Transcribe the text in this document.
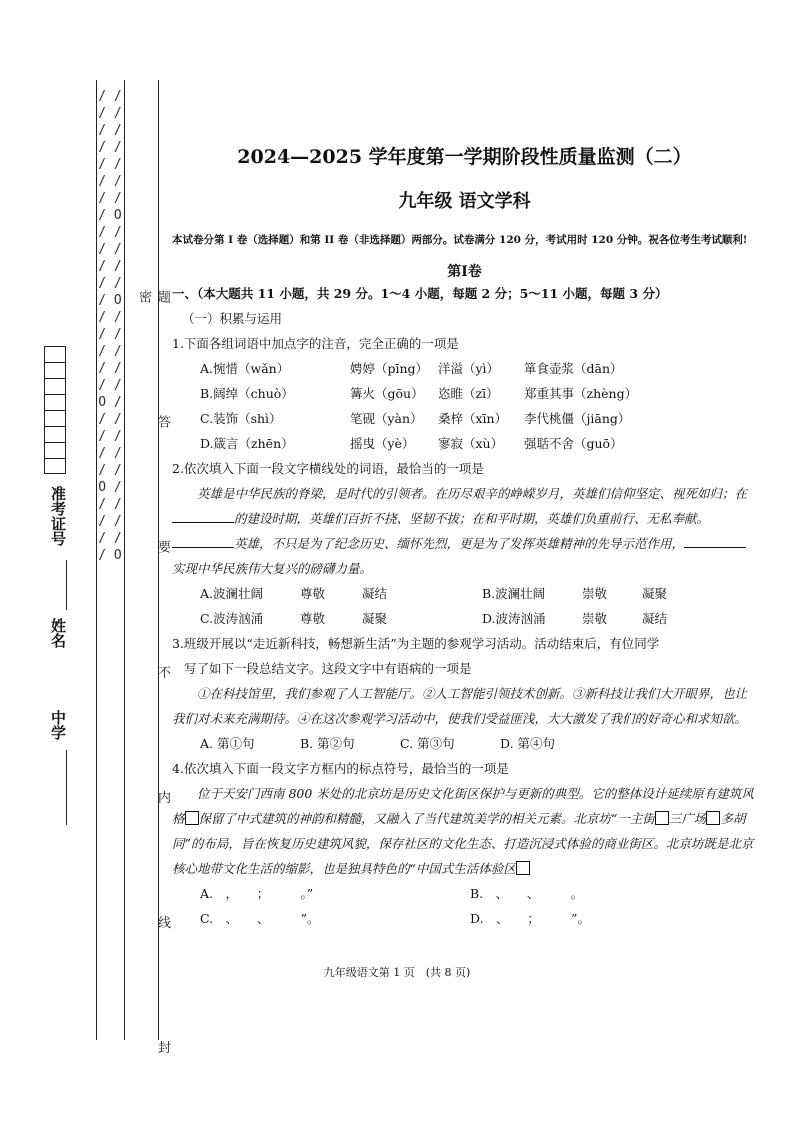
/ / / / / / / / / / / / / / / O / / / / / / / / / O / / / / / / / / / / O / / / / / / / / / O / / / / / / / / O	题 答 要 不 内 线 封 密
准考证号
姓名
中学
2024—2025 学年度第一学期阶段性质量监测（二）
九年级 语文学科
本试卷分第 I 卷（选择题）和第 II 卷（非选择题）两部分。试卷满分 120 分，考试用时 120 分钟。祝各位考生考试顺利!
第Ⅰ卷
一、（本大题共 11 小题，共 29 分。1～4 小题，每题 2 分；5～11 小题，每题 3 分）
（一）积累与运用
1.下面各组词语中加点字的注音，完全正确的一项是
A.惋惜（wǎn）	娉婷（pīng） 洋溢（yì）	箪食壶浆（dān）
B.阔绰（chuò）	篝火（gōu）	恣睢（zī）	郑重其事（zhèng）
C.装饰（shì）	笔砚（yàn）	桑梓（xīn）	李代桃僵（jiāng）
D.箴言（zhēn）	摇曳（yè）	寥寂（xù）	强聒不舍（guō）
2.依次填入下面一段文字横线处的词语，最恰当的一项是
英雄是中华民族的脊梁，是时代的引领者。在历尽艰辛的峥嵘岁月，英雄们信仰坚定、视死如归；在的建设时期，英雄们百折不挠、坚韧不拔；在和平时期，英雄们负重前行、无私奉献。英雄，不只是为了纪念历史、缅怀先烈，更是为了发挥英雄精神的先导示范作用，实现中华民族伟大复兴的磅礴力量。
A.波澜壮阔	尊敬	凝结	B.波澜壮阔	崇敬	凝聚
C.波涛汹涌	尊敬	凝聚	D.波涛汹涌	崇敬	凝结
3.班级开展以“走近新科技，畅想新生活”为主题的参观学习活动。活动结束后，有位同学
写了如下一段总结文字。这段文字中有语病的一项是
①在科技馆里，我们参观了人工智能厅。②人工智能引领技术创新。③新科技让我们大开眼界，也让我们对未来充满期待。④在这次参观学习活动中，使我们受益匪浅，大大激发了我们的好奇心和求知欲。
A. 第①句	B. 第②句	C. 第③句	D. 第④句
4.依次填入下面一段文字方框内的标点符号，最恰当的一项是
位于天安门西南 800 米处的北京坊是历史文化街区保护与更新的典型。它的整体设计延续原有建筑风格 保留了中式建筑的神韵和精髓，又融入了当代建筑美学的相关元素。北京坊“一主街 三广场 多胡同”的布局，旨在恢复历史建筑风貌，保存社区的文化生态、打造沉浸式体验的商业街区。北京坊既是北京核心地带文化生活的缩影，也是独具特色的“中国式生活体验区
A.　，　　；　　　。”	B.　、　　、　　　。
C.　、　　、　　　”。	D.　、　　；　　　”。
九年级语文第 1 页　(共 8 页)
